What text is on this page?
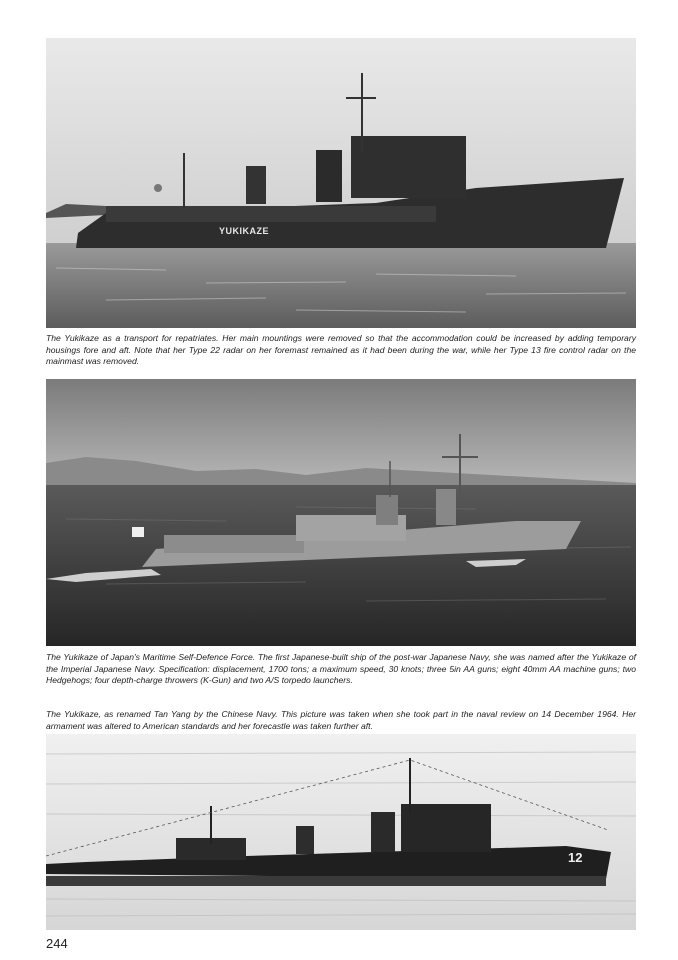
YUKIKAZE
The Yukikaze as a transport for repatriates. Her main mountings were removed so that the accommodation could be increased by adding temporary housings fore and aft. Note that her Type 22 radar on her foremast remained as it had been during the war, while her Type 13 fire control radar on the mainmast was removed.
The Yukikaze of Japan's Maritime Self-Defence Force. The first Japanese-built ship of the post-war Japanese Navy, she was named after the Yukikaze of the Imperial Japanese Navy. Specification: displacement, 1700 tons; a maximum speed, 30 knots; three 5in AA guns; eight 40mm AA machine guns; two Hedgehogs; four depth-charge throwers (K-Gun) and two A/S torpedo launchers.
The Yukikaze, as renamed Tan Yang by the Chinese Navy. This picture was taken when she took part in the naval review on 14 December 1964. Her armament was altered to American standards and her forecastle was taken further aft.
12
244
